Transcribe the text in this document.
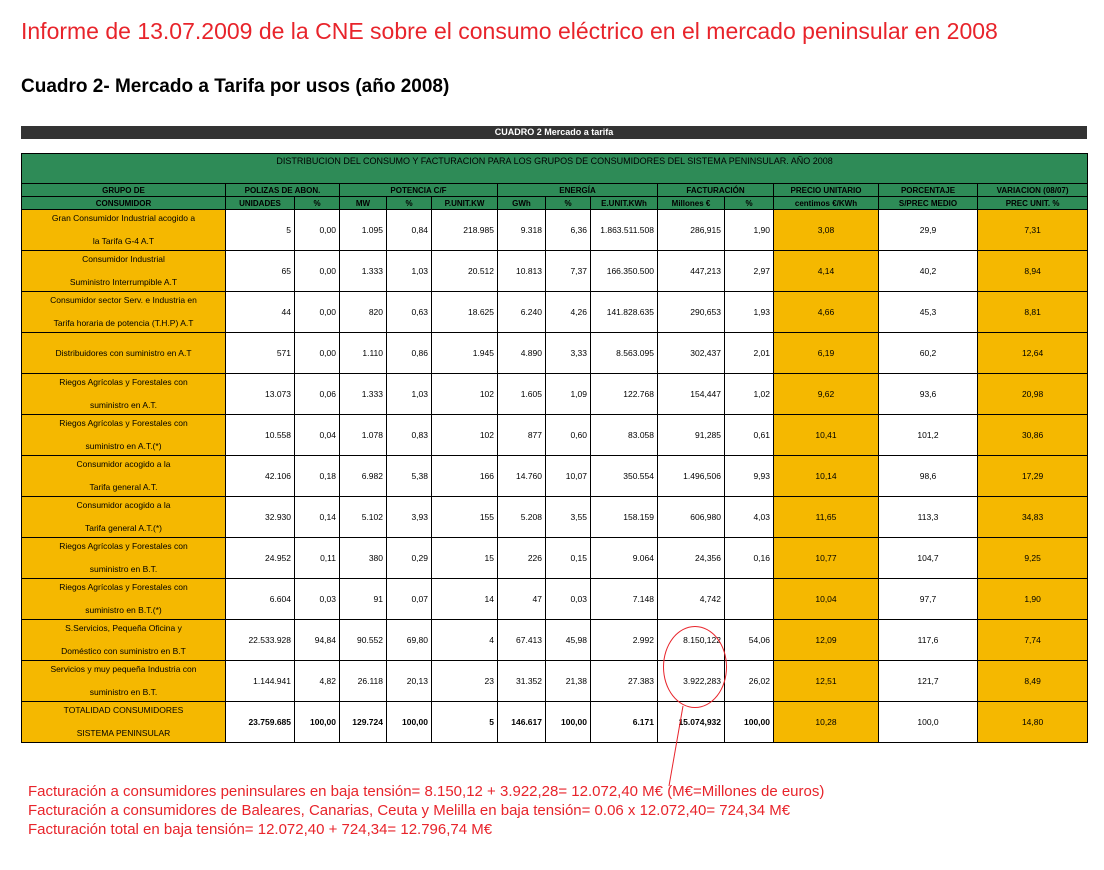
Informe de 13.07.2009 de la CNE sobre el consumo eléctrico en el mercado peninsular en 2008
Cuadro 2- Mercado a Tarifa por usos (año 2008)
CUADRO 2 Mercado a tarifa
DISTRIBUCION DEL CONSUMO Y FACTURACION PARA LOS GRUPOS DE CONSUMIDORES DEL SISTEMA PENINSULAR. AÑO 2008													
GRUPO DE	POLIZAS DE ABON.		POTENCIA C/F			ENERGÍA			FACTURACIÓN		PRECIO UNITARIO	PORCENTAJE	VARIACION (08/07)
CONSUMIDOR	UNIDADES	%	MW	%	P.UNIT.KW	GWh	%	E.UNIT.KWh	Millones €	%	centimos €/KWh	S/PREC MEDIO	PREC UNIT. %

Gran Consumidor Industrial acogido a
la Tarifa G-4 A.T	5	0,00	1.095	0,84	218.985	9.318	6,36	1.863.511.508	286,915	1,90	3,08	29,9	7,31

Consumidor Industrial
Suministro Interrumpible A.T	65	0,00	1.333	1,03	20.512	10.813	7,37	166.350.500	447,213	2,97	4,14	40,2	8,94

Consumidor sector Serv. e Industria en
Tarifa horaria de potencia (T.H.P) A.T	44	0,00	820	0,63	18.625	6.240	4,26	141.828.635	290,653	1,93	4,66	45,3	8,81

Distribuidores con suministro en A.T	571	0,00	1.110	0,86	1.945	4.890	3,33	8.563.095	302,437	2,01	6,19	60,2	12,64

Riegos Agrícolas y Forestales con
suministro en A.T.	13.073	0,06	1.333	1,03	102	1.605	1,09	122.768	154,447	1,02	9,62	93,6	20,98

Riegos Agrícolas y Forestales con
suministro en A.T.(*)	10.558	0,04	1.078	0,83	102	877	0,60	83.058	91,285	0,61	10,41	101,2	30,86

Consumidor acogido a la
Tarifa general A.T.	42.106	0,18	6.982	5,38	166	14.760	10,07	350.554	1.496,506	9,93	10,14	98,6	17,29

Consumidor acogido a la
Tarifa general A.T.(*)	32.930	0,14	5.102	3,93	155	5.208	3,55	158.159	606,980	4,03	11,65	113,3	34,83

Riegos Agrícolas y Forestales con
suministro en B.T.	24.952	0,11	380	0,29	15	226	0,15	9.064	24,356	0,16	10,77	104,7	9,25

Riegos Agrícolas y Forestales con
suministro en B.T.(*)	6.604	0,03	91	0,07	14	47	0,03	7.148	4,742		10,04	97,7	1,90

S.Servicios, Pequeña Oficina y
Doméstico con suministro en B.T	22.533.928	94,84	90.552	69,80	4	67.413	45,98	2.992	8.150,122	54,06	12,09	117,6	7,74

Servicios y muy pequeña Industria con
suministro en B.T.	1.144.941	4,82	26.118	20,13	23	31.352	21,38	27.383	3.922,283	26,02	12,51	121,7	8,49

TOTALIDAD CONSUMIDORES
SISTEMA PENINSULAR	23.759.685	100,00	129.724	100,00	5	146.617	100,00	6.171	15.074,932	100,00	10,28	100,0	14,80
Facturación a consumidores peninsulares en baja tensión= 8.150,12 + 3.922,28= 12.072,40 M€ (M€=Millones de euros)
Facturación a consumidores de Baleares, Canarias, Ceuta y Melilla en baja tensión= 0.06 x 12.072,40= 724,34 M€
Facturación total en baja tensión= 12.072,40 + 724,34= 12.796,74 M€
